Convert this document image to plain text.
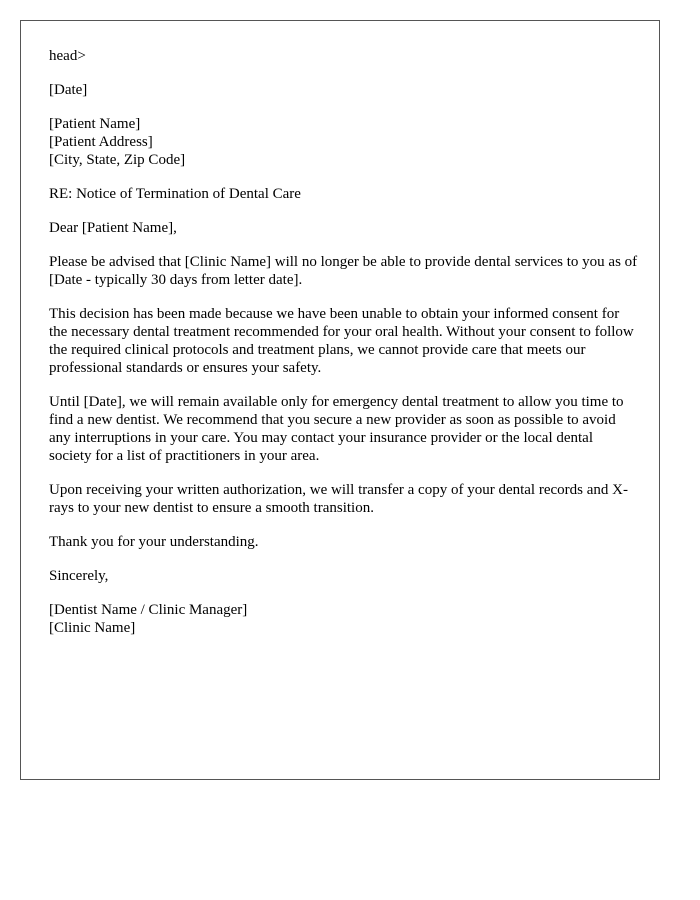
head>

[Date]

[Patient Name]
[Patient Address]
[City, State, Zip Code]

RE: Notice of Termination of Dental Care

Dear [Patient Name],

Please be advised that [Clinic Name] will no longer be able to provide dental services to you as of [Date - typically 30 days from letter date].

This decision has been made because we have been unable to obtain your informed consent for the necessary dental treatment recommended for your oral health. Without your consent to follow the required clinical protocols and treatment plans, we cannot provide care that meets our professional standards or ensures your safety.

Until [Date], we will remain available only for emergency dental treatment to allow you time to find a new dentist. We recommend that you secure a new provider as soon as possible to avoid any interruptions in your care. You may contact your insurance provider or the local dental society for a list of practitioners in your area.

Upon receiving your written authorization, we will transfer a copy of your dental records and X-rays to your new dentist to ensure a smooth transition.

Thank you for your understanding.

Sincerely,

[Dentist Name / Clinic Manager]
[Clinic Name]
